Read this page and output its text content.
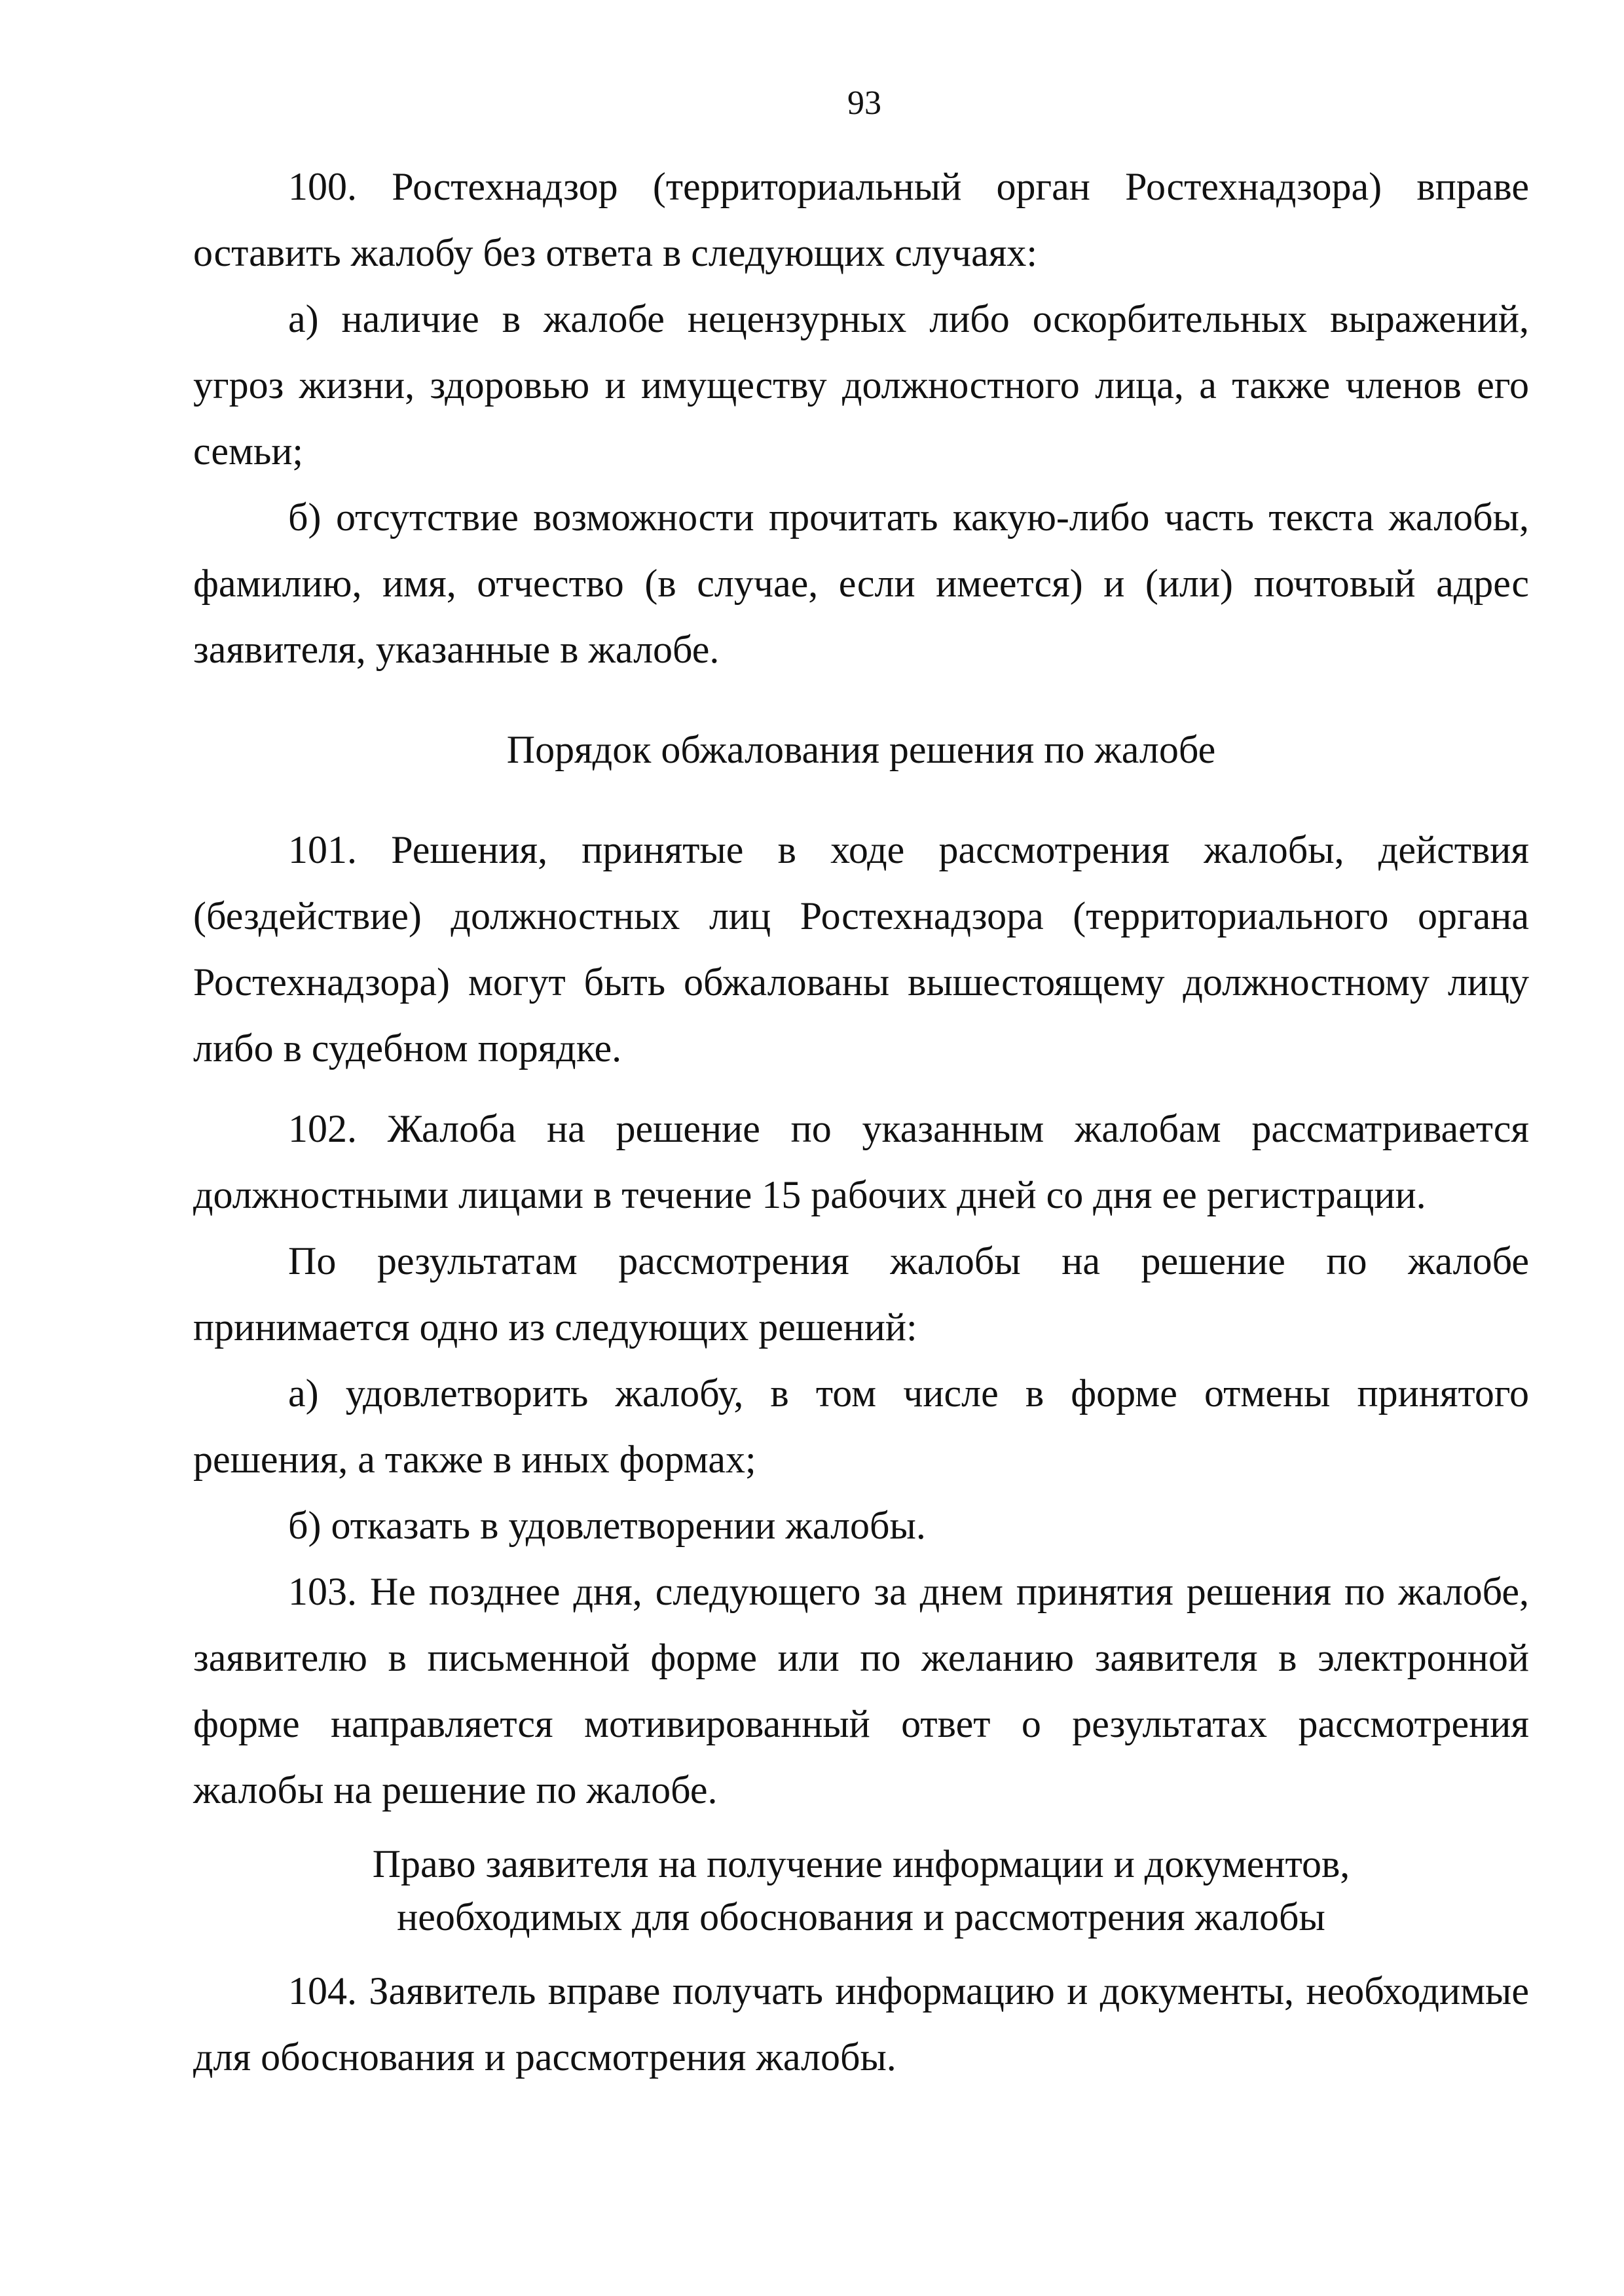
93

100. Ростехнадзор (территориальный орган Ростехнадзора) вправе оставить жалобу без ответа в следующих случаях:

а) наличие в жалобе нецензурных либо оскорбительных выражений, угроз жизни, здоровью и имуществу должностного лица, а также членов его семьи;

б) отсутствие возможности прочитать какую-либо часть текста жалобы, фамилию, имя, отчество (в случае, если имеется) и (или) почтовый адрес заявителя, указанные в жалобе.

Порядок обжалования решения по жалобе

101. Решения, принятые в ходе рассмотрения жалобы, действия (бездействие) должностных лиц Ростехнадзора (территориального органа Ростехнадзора) могут быть обжалованы вышестоящему должностному лицу либо в судебном порядке.

102. Жалоба на решение по указанным жалобам рассматривается должностными лицами в течение 15 рабочих дней со дня ее регистрации.

По результатам рассмотрения жалобы на решение по жалобе принимается одно из следующих решений:

а) удовлетворить жалобу, в том числе в форме отмены принятого решения, а также в иных формах;

б) отказать в удовлетворении жалобы.

103. Не позднее дня, следующего за днем принятия решения по жалобе, заявителю в письменной форме или по желанию заявителя в электронной форме направляется мотивированный ответ о результатах рассмотрения жалобы на решение по жалобе.

Право заявителя на получение информации и документов,
необходимых для обоснования и рассмотрения жалобы

104. Заявитель вправе получать информацию и документы, необходимые для обоснования и рассмотрения жалобы.
